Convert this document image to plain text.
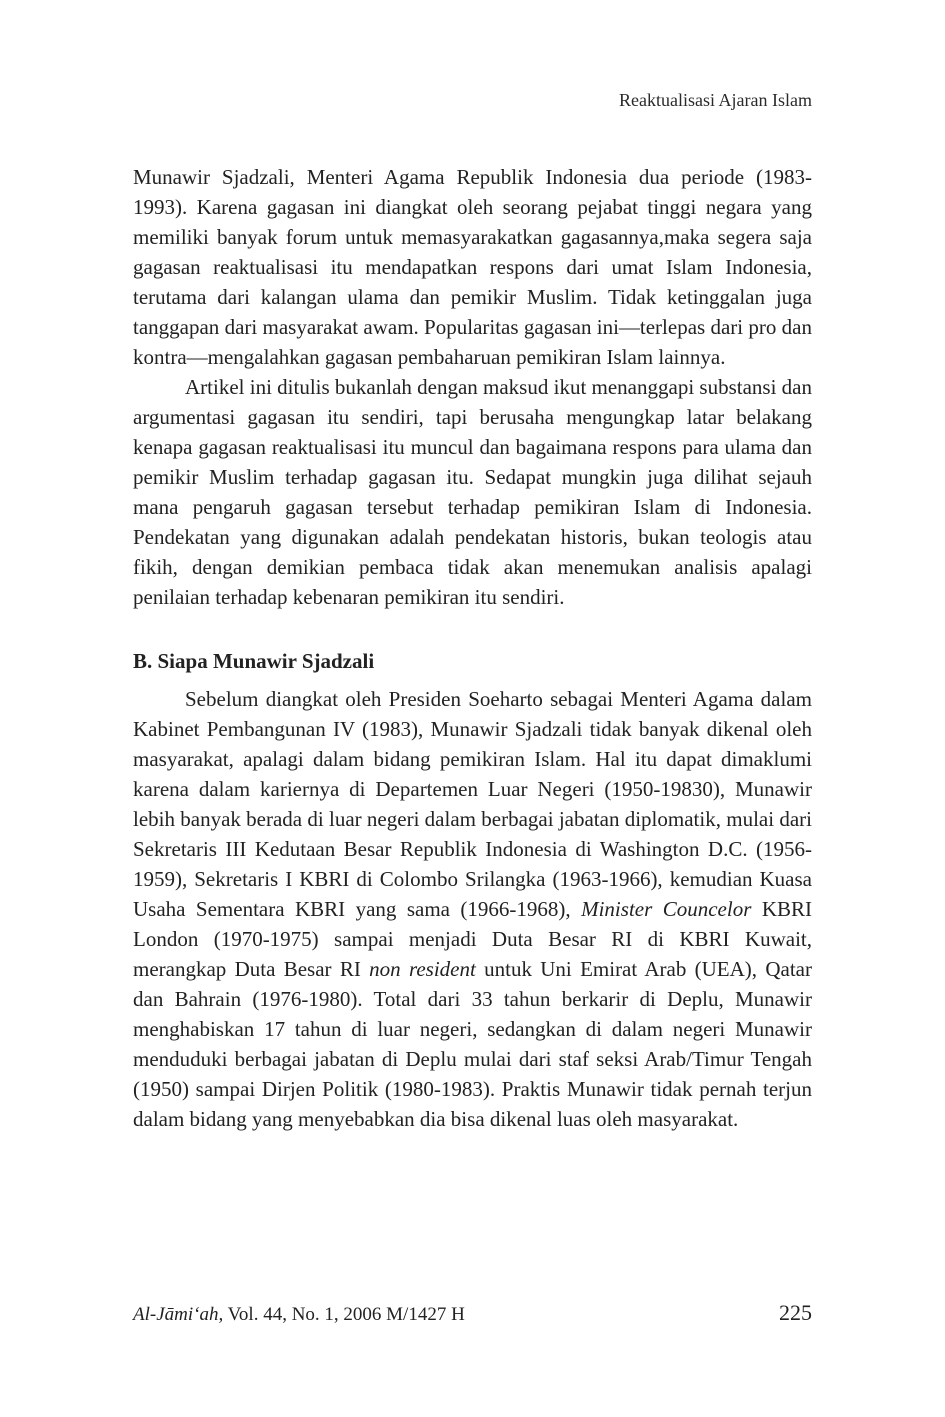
Reaktualisasi Ajaran Islam

Munawir Sjadzali, Menteri Agama Republik Indonesia dua periode (1983-1993). Karena gagasan ini diangkat oleh seorang pejabat tinggi negara yang memiliki banyak forum untuk memasyarakatkan gagasannya,maka segera saja gagasan reaktualisasi itu mendapatkan respons dari umat Islam Indonesia, terutama dari kalangan ulama dan pemikir Muslim. Tidak ketinggalan juga tanggapan dari masyarakat awam. Popularitas gagasan ini—terlepas dari pro dan kontra—mengalahkan gagasan pembaharuan pemikiran Islam lainnya.

Artikel ini ditulis bukanlah dengan maksud ikut menanggapi substansi dan argumentasi gagasan itu sendiri, tapi berusaha mengungkap latar belakang kenapa gagasan reaktualisasi itu muncul dan bagaimana respons para ulama dan pemikir Muslim terhadap gagasan itu. Sedapat mungkin juga dilihat sejauh mana pengaruh gagasan tersebut terhadap pemikiran Islam di Indonesia. Pendekatan yang digunakan adalah pendekatan historis, bukan teologis atau fikih, dengan demikian pembaca tidak akan menemukan analisis apalagi penilaian terhadap kebenaran pemikiran itu sendiri.

B. Siapa Munawir Sjadzali

Sebelum diangkat oleh Presiden Soeharto sebagai Menteri Agama dalam Kabinet Pembangunan IV (1983), Munawir Sjadzali tidak banyak dikenal oleh masyarakat, apalagi dalam bidang pemikiran Islam. Hal itu dapat dimaklumi karena dalam kariernya di Departemen Luar Negeri (1950-19830), Munawir lebih banyak berada di luar negeri dalam berbagai jabatan diplomatik, mulai dari Sekretaris III Kedutaan Besar Republik Indonesia di Washington D.C. (1956-1959), Sekretaris I KBRI di Colombo Srilangka (1963-1966), kemudian Kuasa Usaha Sementara KBRI yang sama (1966-1968), Minister Councelor KBRI London (1970-1975) sampai menjadi Duta Besar RI di KBRI Kuwait, merangkap Duta Besar RI non resident untuk Uni Emirat Arab (UEA), Qatar dan Bahrain (1976-1980). Total dari 33 tahun berkarir di Deplu, Munawir menghabiskan 17 tahun di luar negeri, sedangkan di dalam negeri Munawir menduduki berbagai jabatan di Deplu mulai dari staf seksi Arab/Timur Tengah (1950) sampai Dirjen Politik (1980-1983). Praktis Munawir tidak pernah terjun dalam bidang yang menyebabkan dia bisa dikenal luas oleh masyarakat.

Al-Jāmi‘ah, Vol. 44, No. 1, 2006 M/1427 H	225
